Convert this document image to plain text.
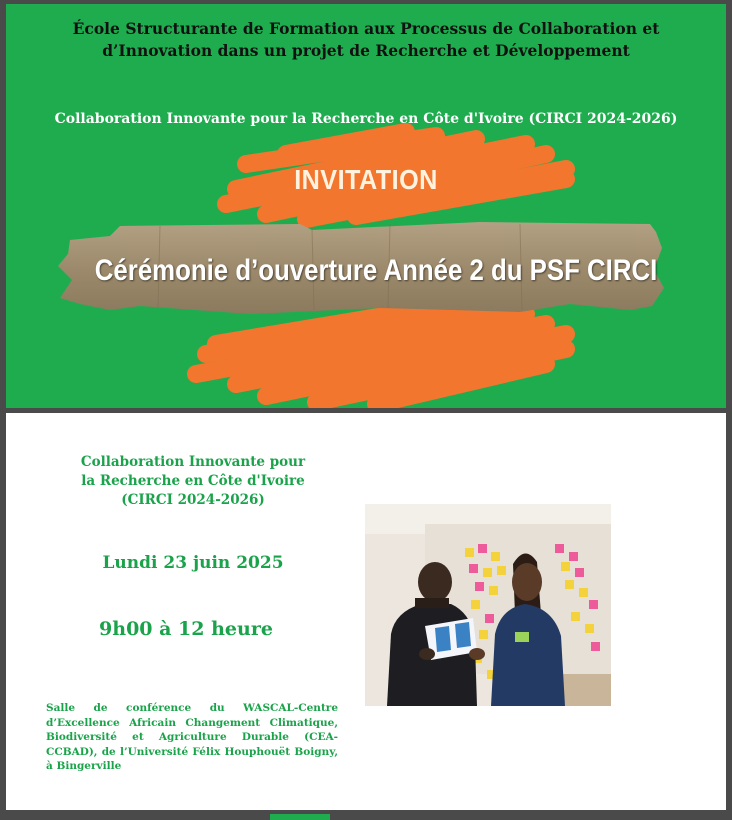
École Structurante de Formation aux Processus de Collaboration et
d’Innovation dans un projet de Recherche et Développement

Collaboration Innovante pour la Recherche en Côte d'Ivoire (CIRCI 2024-2026)

INVITATION
Cérémonie d’ouverture Année 2 du PSF CIRCI

Collaboration Innovante pour
la Recherche en Côte d'Ivoire
(CIRCI 2024-2026)

Lundi 23 juin 2025

9h00 à 12 heure

Salle de conférence du WASCAL-Centre d’Excellence Africain Changement Climatique, Biodiversité et Agriculture Durable (CEA-CCBAD), de l’Université Félix Houphouët Boigny, à Bingerville
